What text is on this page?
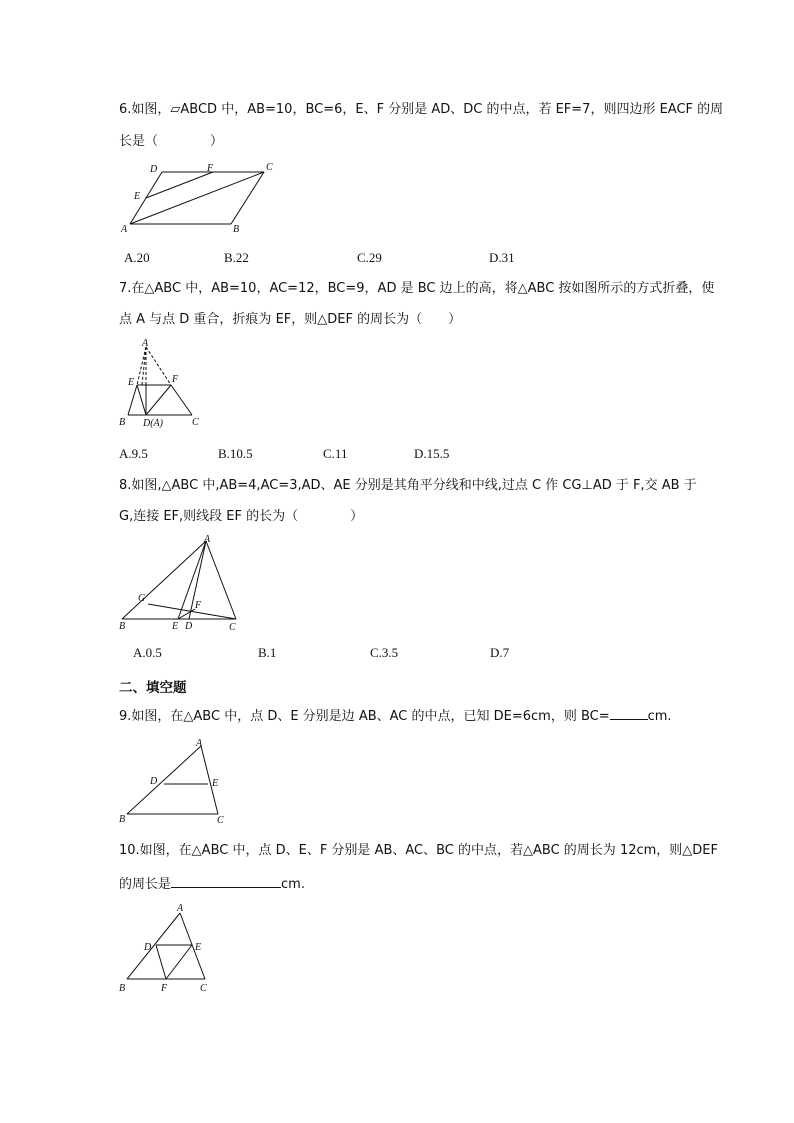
6.如图，▱ABCD 中，AB=10，BC=6，E、F 分别是 AD、DC 的中点，若 EF=7，则四边形 EACF 的周
长是（　　　　）
D	F	C
E
A	B
A.20	B.22	C.29	D.31
7.在△ABC 中，AB=10，AC=12，BC=9，AD 是 BC 边上的高，将△ABC 按如图所示的方式折叠，使
点 A 与点 D 重合，折痕为 EF，则△DEF 的周长为（　　）
A
E	F
B D(A)	C
A.9.5	B.10.5	C.11	D.15.5
8.如图,△ABC 中,AB=4,AC=3,AD、AE 分别是其角平分线和中线,过点 C 作 CG⊥AD 于 F,交 AB 于
G,连接 EF,则线段 EF 的长为（　　　　）
A
G
F
B	E D	C
A.0.5	B.1	C.3.5	D.7
二、填空题
9.如图，在△ABC 中，点 D、E 分别是边 AB、AC 的中点，已知 DE=6cm，则 BC=	cm.
A
D	E
B	C
10.如图，在△ABC 中，点 D、E、F 分别是 AB、AC、BC 的中点，若△ABC 的周长为 12cm，则△DEF
的周长是	cm.
A
D	E
B	F	C
